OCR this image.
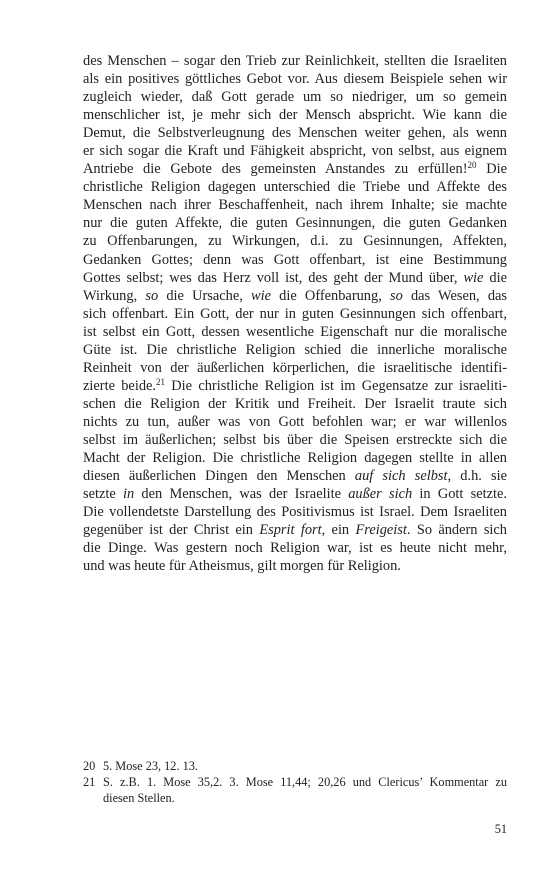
des Menschen – sogar den Trieb zur Reinlichkeit, stellten die Israeliten
als ein positives göttliches Gebot vor. Aus diesem Beispiele sehen wir
zugleich wieder, daß Gott gerade um so niedriger, um so gemein
menschlicher ist, je mehr sich der Mensch abspricht. Wie kann die
Demut, die Selbstverleugnung des Menschen weiter gehen, als wenn
er sich sogar die Kraft und Fähigkeit abspricht, von selbst, aus eignem
Antriebe die Gebote des gemeinsten Anstandes zu erfüllen!$^{20}$ Die
christliche Religion dagegen unterschied die Triebe und Affekte des
Menschen nach ihrer Beschaffenheit, nach ihrem Inhalte; sie machte
nur die guten Affekte, die guten Gesinnungen, die guten Gedanken
zu Offenbarungen, zu Wirkungen, d.i. zu Gesinnungen, Affekten,
Gedanken Gottes; denn was Gott offenbart, ist eine Bestimmung
Gottes selbst; wes das Herz voll ist, des geht der Mund über, wie die
Wirkung, so die Ursache, wie die Offenbarung, so das Wesen, das
sich offenbart. Ein Gott, der nur in guten Gesinnungen sich offenbart,
ist selbst ein Gott, dessen wesentliche Eigenschaft nur die moralische
Güte ist. Die christliche Religion schied die innerliche moralische
Reinheit von der äußerlichen körperlichen, die israelitische identifi-
zierte beide.$^{21}$ Die christliche Religion ist im Gegensatze zur israeliti-
schen die Religion der Kritik und Freiheit. Der Israelit traute sich
nichts zu tun, außer was von Gott befohlen war; er war willenlos
selbst im äußerlichen; selbst bis über die Speisen erstreckte sich die
Macht der Religion. Die christliche Religion dagegen stellte in allen
diesen äußerlichen Dingen den Menschen auf sich selbst, d.h. sie
setzte in den Menschen, was der Israelite außer sich in Gott setzte.
Die vollendetste Darstellung des Positivismus ist Israel. Dem Israeliten
gegenüber ist der Christ ein Esprit fort, ein Freigeist. So ändern sich
die Dinge. Was gestern noch Religion war, ist es heute nicht mehr,
und was heute für Atheismus, gilt morgen für Religion.
20 5. Mose 23, 12. 13.
21 S. z.B. 1. Mose 35,2. 3. Mose 11,44; 20,26 und Clericus’ Kommentar zu
diesen Stellen.
51
